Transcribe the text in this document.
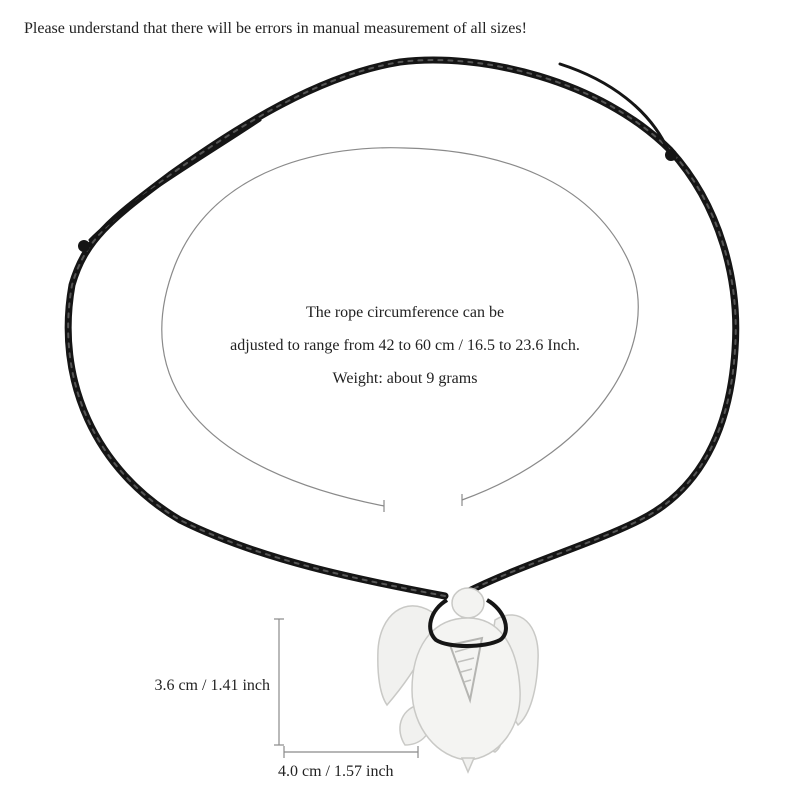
Please understand that there will be errors in manual measurement of all sizes!
The rope circumference can be
adjusted to range from 42 to 60 cm / 16.5 to 23.6 Inch.
Weight: about 9 grams
3.6 cm / 1.41 inch
4.0 cm / 1.57 inch
